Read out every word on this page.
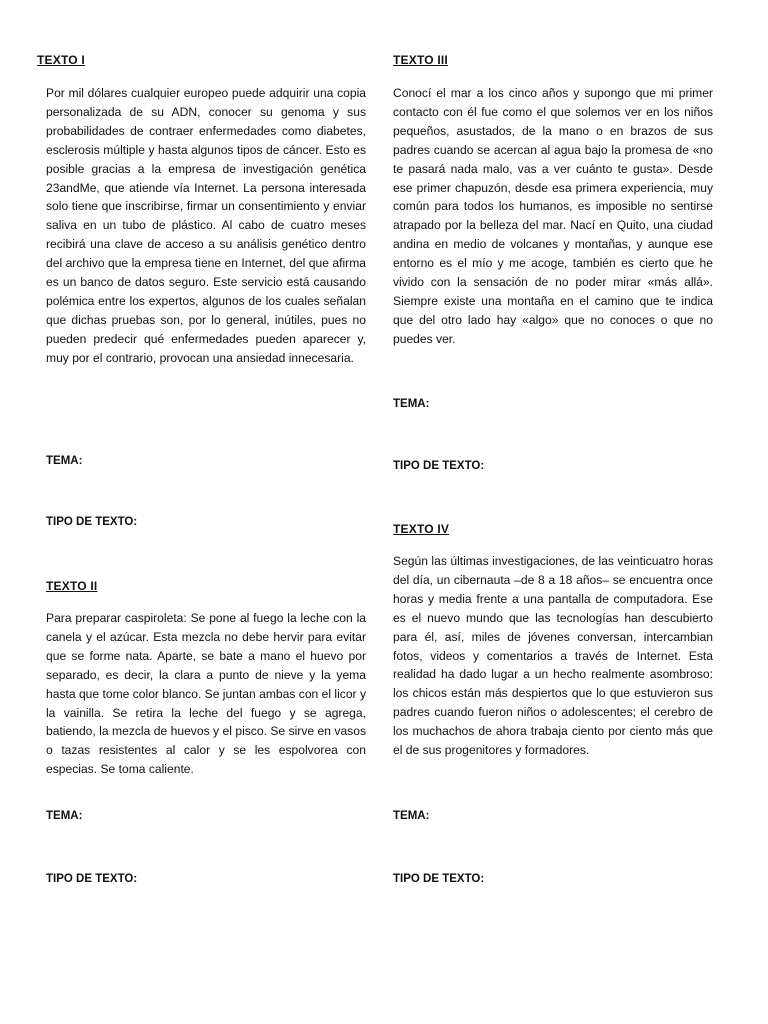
TEXTO I

Por mil dólares cualquier europeo puede adquirir una copia personalizada de su ADN, conocer su genoma y sus probabilidades de contraer enfermedades como diabetes, esclerosis múltiple y hasta algunos tipos de cáncer. Esto es posible gracias a la empresa de investigación genética 23andMe, que atiende vía Internet. La persona interesada solo tiene que inscribirse, firmar un consentimiento y enviar saliva en un tubo de plástico. Al cabo de cuatro meses recibirá una clave de acceso a su análisis genético dentro del archivo que la empresa tiene en Internet, del que afirma es un banco de datos seguro. Este servicio está causando polémica entre los expertos, algunos de los cuales señalan que dichas pruebas son, por lo general, inútiles, pues no pueden predecir qué enfermedades pueden aparecer y, muy por el contrario, provocan una ansiedad innecesaria.

TEMA:
TIPO DE TEXTO:
TEXTO II

Para preparar caspiroleta: Se pone al fuego la leche con la canela y el azúcar. Esta mezcla no debe hervir para evitar que se forme nata. Aparte, se bate a mano el huevo por separado, es decir, la clara a punto de nieve y la yema hasta que tome color blanco. Se juntan ambas con el licor y la vainilla. Se retira la leche del fuego y se agrega, batiendo, la mezcla de huevos y el pisco. Se sirve en vasos o tazas resistentes al calor y se les espolvorea con especias. Se toma caliente.

TEMA:
TIPO DE TEXTO:
TEXTO III

Conocí el mar a los cinco años y supongo que mi primer contacto con él fue como el que solemos ver en los niños pequeños, asustados, de la mano o en brazos de sus padres cuando se acercan al agua bajo la promesa de «no te pasará nada malo, vas a ver cuánto te gusta». Desde ese primer chapuzón, desde esa primera experiencia, muy común para todos los humanos, es imposible no sentirse atrapado por la belleza del mar. Nací en Quito, una ciudad andina en medio de volcanes y montañas, y aunque ese entorno es el mío y me acoge, también es cierto que he vivido con la sensación de no poder mirar «más allá». Siempre existe una montaña en el camino que te indica que del otro lado hay «algo» que no conoces o que no puedes ver.

TEMA:
TIPO DE TEXTO:
TEXTO IV

Según las últimas investigaciones, de las veinticuatro horas del día, un cibernauta –de 8 a 18 años– se encuentra once horas y media frente a una pantalla de computadora. Ese es el nuevo mundo que las tecnologías han descubierto para él, así, miles de jóvenes conversan, intercambian fotos, videos y comentarios a través de Internet. Esta realidad ha dado lugar a un hecho realmente asombroso: los chicos están más despiertos que lo que estuvieron sus padres cuando fueron niños o adolescentes; el cerebro de los muchachos de ahora trabaja ciento por ciento más que el de sus progenitores y formadores.

TEMA:
TIPO DE TEXTO:
